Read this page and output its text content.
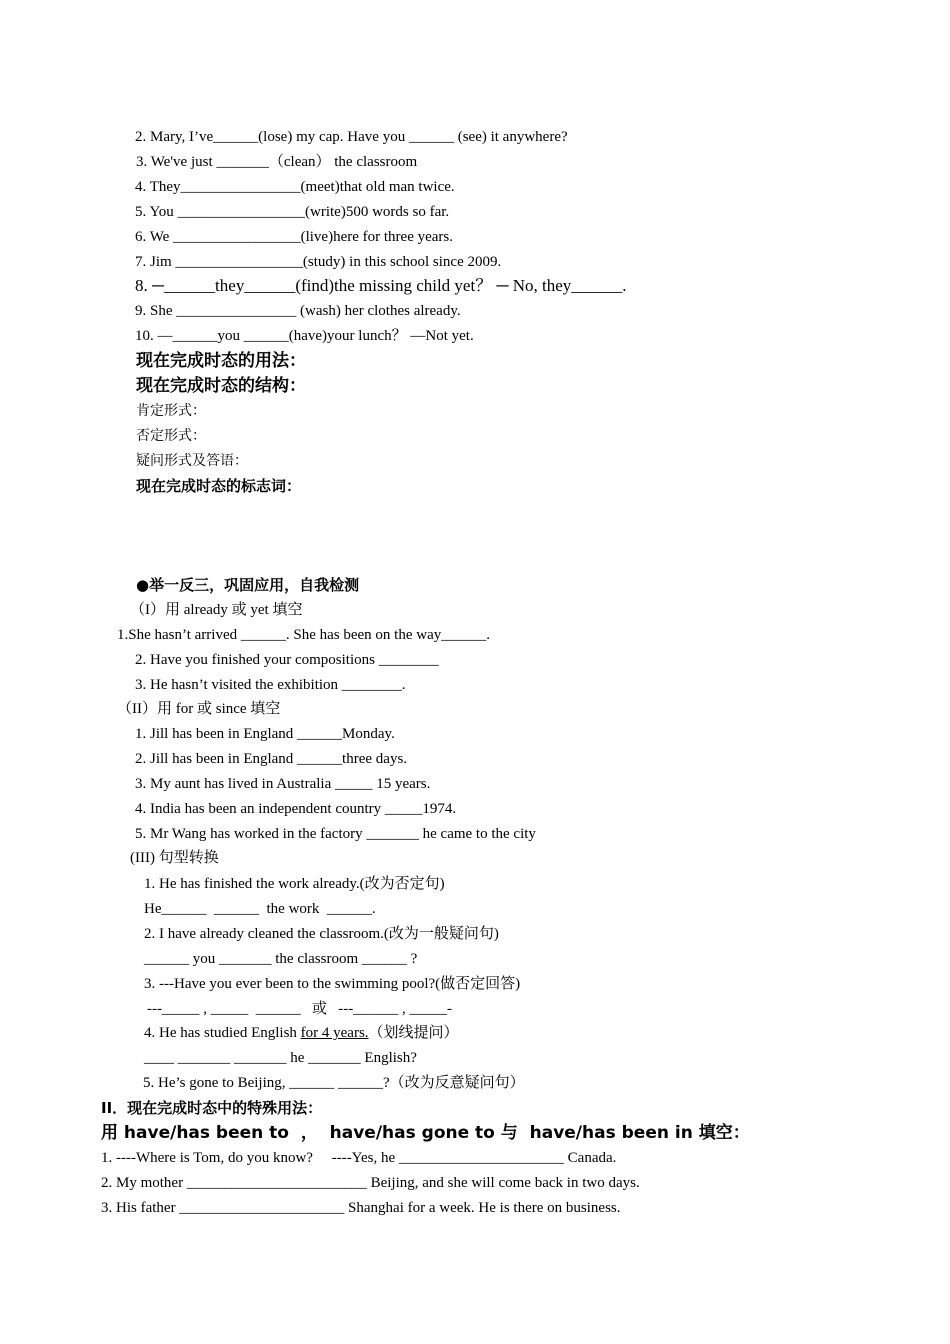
2. Mary, I’ve______(lose) my cap. Have you ______ (see) it anywhere?
3. We've just _______（clean） the classroom
4. They________________(meet)that old man twice.
5. You _________________(write)500 words so far.
6. We _________________(live)here for three years.
7. Jim _________________(study) in this school since 2009.
8. ─______they______(find)the missing child yet？ ─ No, they______.
9. She ________________ (wash) her clothes already.
10. —______you ______(have)your lunch？ —Not yet.
现在完成时态的用法：
现在完成时态的结构：
肯定形式：
否定形式：
疑问形式及答语：
现在完成时态的标志词：
●举一反三，巩固应用，自我检测
（I）用 already 或 yet 填空
1.She hasn’t arrived ______. She has been on the way______.
2. Have you finished your compositions ________
3. He hasn’t visited the exhibition ________.
（II）用 for 或 since 填空
1. Jill has been in England ______Monday.
2. Jill has been in England ______three days.
3. My aunt has lived in Australia _____ 15 years.
4. India has been an independent country _____1974.
5. Mr Wang has worked in the factory _______ he came to the city
(III) 句型转换
1. He has finished the work already.(改为否定句)
He______  ______  the work  ______.
2. I have already cleaned the classroom.(改为一般疑问句)
______ you _______ the classroom ______ ?
3. ---Have you ever been to the swimming pool?(做否定回答)
---_____ , _____  ______   或   ---______ , _____-
4. He has studied English for 4 years.（划线提问）
____ _______ _______ he _______ English?
5. He’s gone to Beijing, ______ ______?（改为反意疑问句）
II．现在完成时态中的特殊用法：
用 have/has been to  ，  have/has gone to 与  have/has been in 填空：
1. ----Where is Tom, do you know?     ----Yes, he ______________________ Canada.
2. My mother ________________________ Beijing, and she will come back in two days.
3. His father ______________________ Shanghai for a week. He is there on business.
